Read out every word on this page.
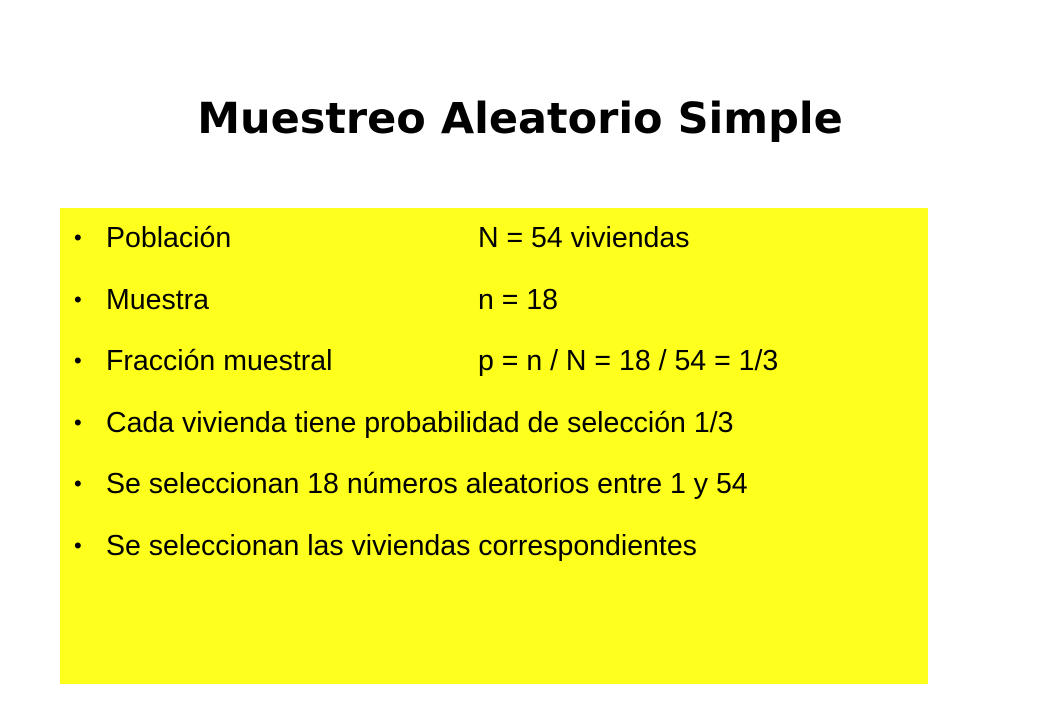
Muestreo Aleatorio Simple
• Población	N = 54 viviendas
• Muestra	n = 18
• Fracción muestral	p = n / N = 18 / 54 = 1/3
• Cada vivienda tiene probabilidad de selección 1/3
• Se seleccionan 18 números aleatorios entre 1 y 54
• Se seleccionan las viviendas correspondientes
